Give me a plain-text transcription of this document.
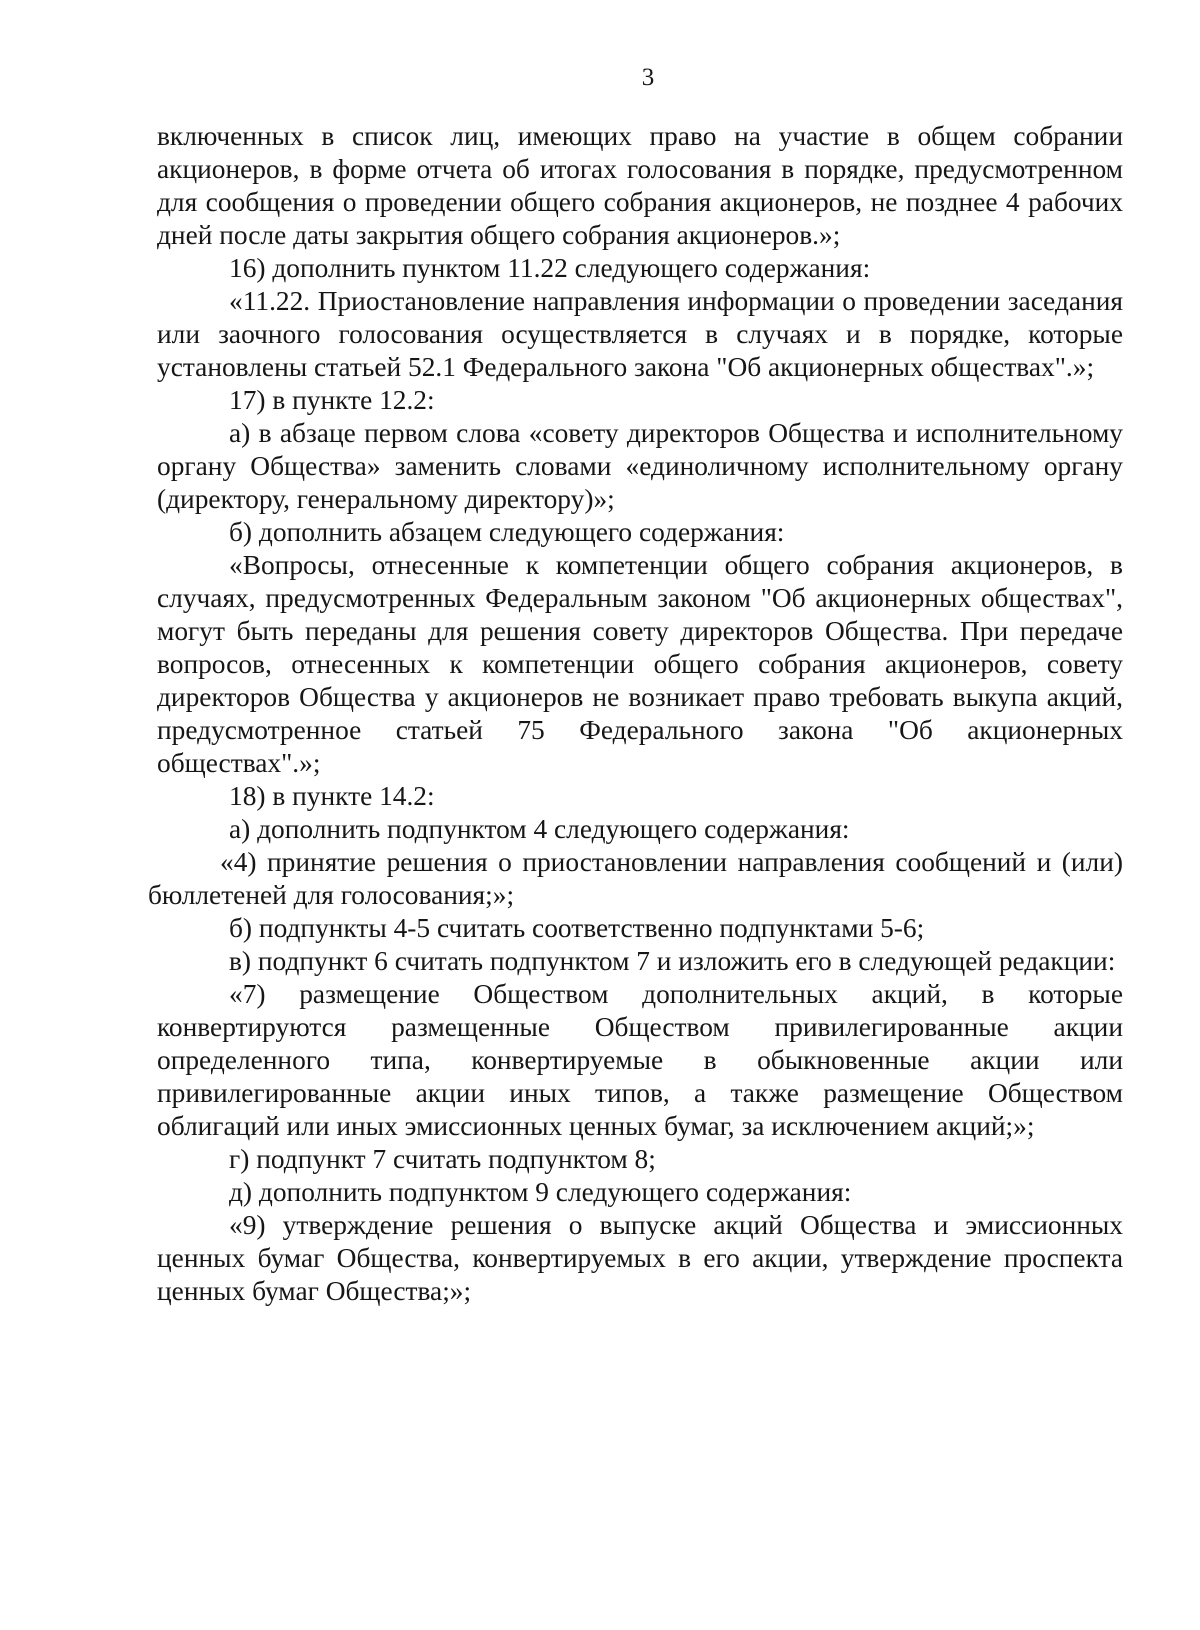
3

включенных в список лиц, имеющих право на участие в общем собрании акционеров, в форме отчета об итогах голосования в порядке, предусмотренном для сообщения о проведении общего собрания акционеров, не позднее 4 рабочих дней после даты закрытия общего собрания акционеров.»;

16) дополнить пунктом 11.22 следующего содержания:

«11.22. Приостановление направления информации о проведении заседания или заочного голосования осуществляется в случаях и в порядке, которые установлены статьей 52.1 Федерального закона "Об акционерных обществах".»;

17) в пункте 12.2:

а) в абзаце первом слова «совету директоров Общества и исполнительному органу Общества» заменить словами «единоличному исполнительному органу (директору, генеральному директору)»;

б) дополнить абзацем следующего содержания:

«Вопросы, отнесенные к компетенции общего собрания акционеров, в случаях, предусмотренных Федеральным законом "Об акционерных обществах", могут быть переданы для решения совету директоров Общества. При передаче вопросов, отнесенных к компетенции общего собрания акционеров, совету директоров Общества у акционеров не возникает право требовать выкупа акций, предусмотренное статьей 75 Федерального закона "Об акционерных обществах".»;

18) в пункте 14.2:

а) дополнить подпунктом 4 следующего содержания:

«4) принятие решения о приостановлении направления сообщений и (или) бюллетеней для голосования;»;

б) подпункты 4-5 считать соответственно подпунктами 5-6;

в) подпункт 6 считать подпунктом 7 и изложить его в следующей редакции:

«7) размещение Обществом дополнительных акций, в которые конвертируются размещенные Обществом привилегированные акции определенного типа, конвертируемые в обыкновенные акции или привилегированные акции иных типов, а также размещение Обществом облигаций или иных эмиссионных ценных бумаг, за исключением акций;»;

г) подпункт 7 считать подпунктом 8;

д) дополнить подпунктом 9 следующего содержания:

«9) утверждение решения о выпуске акций Общества и эмиссионных ценных бумаг Общества, конвертируемых в его акции, утверждение проспекта ценных бумаг Общества;»;
